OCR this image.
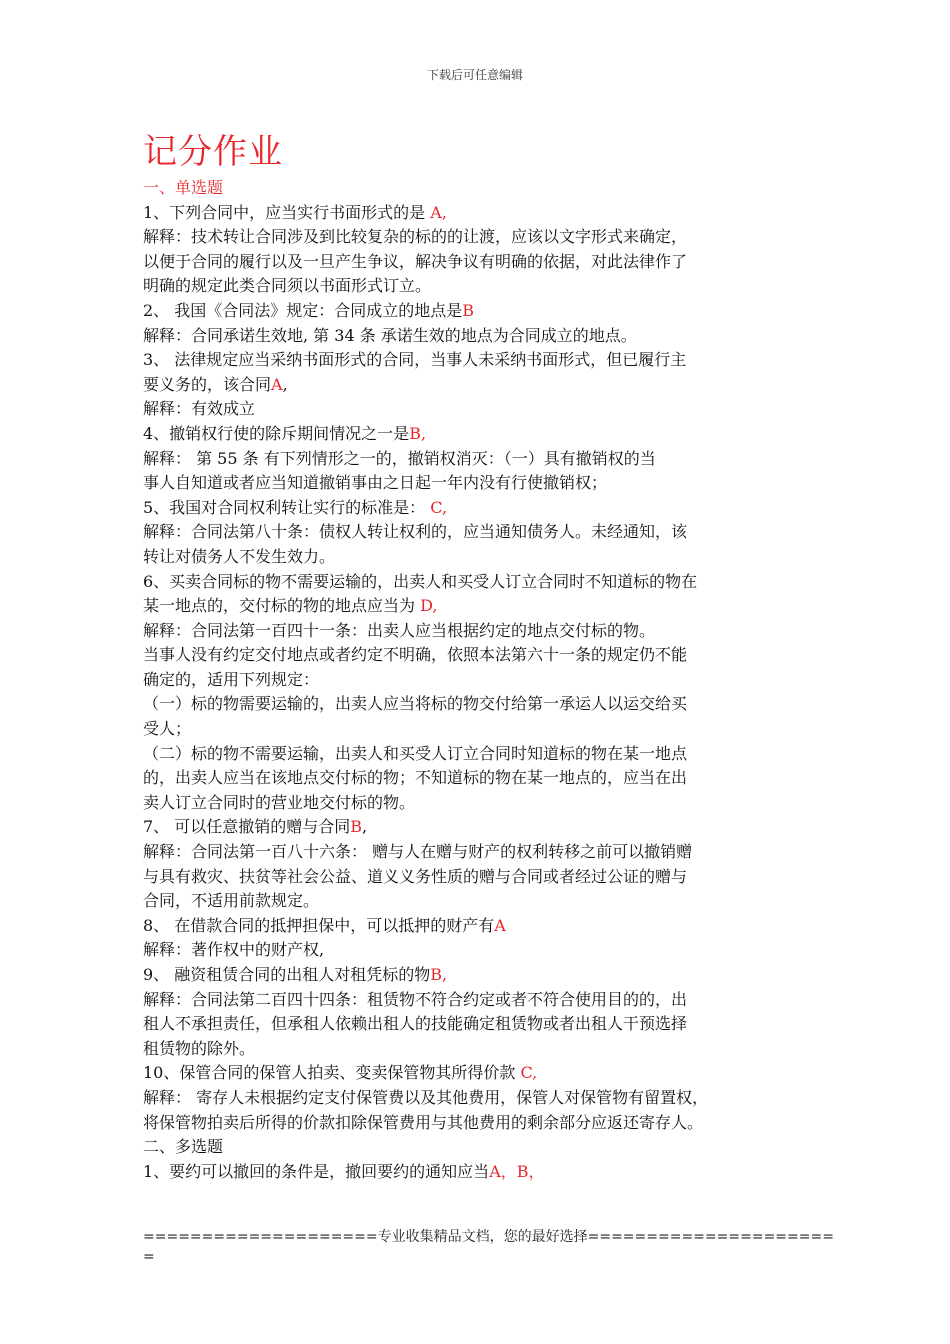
下载后可任意编辑
记分作业
一、单选题
1、下列合同中，应当实行书面形式的是 A,
解释：技术转让合同涉及到比较复杂的标的的让渡，应该以文字形式来确定，
以便于合同的履行以及一旦产生争议，解决争议有明确的依据，对此法律作了
明确的规定此类合同须以书面形式订立。
2、 我国《合同法》规定：合同成立的地点是B
解释：合同承诺生效地, 第 34 条 承诺生效的地点为合同成立的地点。
3、 法律规定应当采纳书面形式的合同，当事人未采纳书面形式，但已履行主
要义务的，该合同A,
解释：有效成立
4、撤销权行使的除斥期间情况之一是B,
解释： 第 55 条 有下列情形之一的，撤销权消灭：（一）具有撤销权的当
事人自知道或者应当知道撤销事由之日起一年内没有行使撤销权；
5、我国对合同权利转让实行的标准是： C,
解释：合同法第八十条：债权人转让权利的，应当通知债务人。未经通知，该
转让对债务人不发生效力。
6、买卖合同标的物不需要运输的，出卖人和买受人订立合同时不知道标的物在
某一地点的，交付标的物的地点应当为 D,
解释：合同法第一百四十一条：出卖人应当根据约定的地点交付标的物。
当事人没有约定交付地点或者约定不明确，依照本法第六十一条的规定仍不能
确定的，适用下列规定：
（一）标的物需要运输的，出卖人应当将标的物交付给第一承运人以运交给买
受人；
（二）标的物不需要运输，出卖人和买受人订立合同时知道标的物在某一地点
的，出卖人应当在该地点交付标的物；不知道标的物在某一地点的，应当在出
卖人订立合同时的营业地交付标的物。
7、 可以任意撤销的赠与合同B,
解释：合同法第一百八十六条： 赠与人在赠与财产的权利转移之前可以撤销赠
与具有救灾、扶贫等社会公益、道义义务性质的赠与合同或者经过公证的赠与
合同，不适用前款规定。
8、 在借款合同的抵押担保中，可以抵押的财产有A
解释：著作权中的财产权,
9、 融资租赁合同的出租人对租凭标的物B,
解释：合同法第二百四十四条：租赁物不符合约定或者不符合使用目的的，出
租人不承担责任，但承租人依赖出租人的技能确定租赁物或者出租人干预选择
租赁物的除外。
10、保管合同的保管人拍卖、变卖保管物其所得价款 C,
解释： 寄存人未根据约定支付保管费以及其他费用，保管人对保管物有留置权，
将保管物拍卖后所得的价款扣除保管费用与其他费用的剩余部分应返还寄存人。
二、多选题
1、要约可以撤回的条件是，撤回要约的通知应当A，B，
====================专业收集精品文档，您的最好选择=====================
=
